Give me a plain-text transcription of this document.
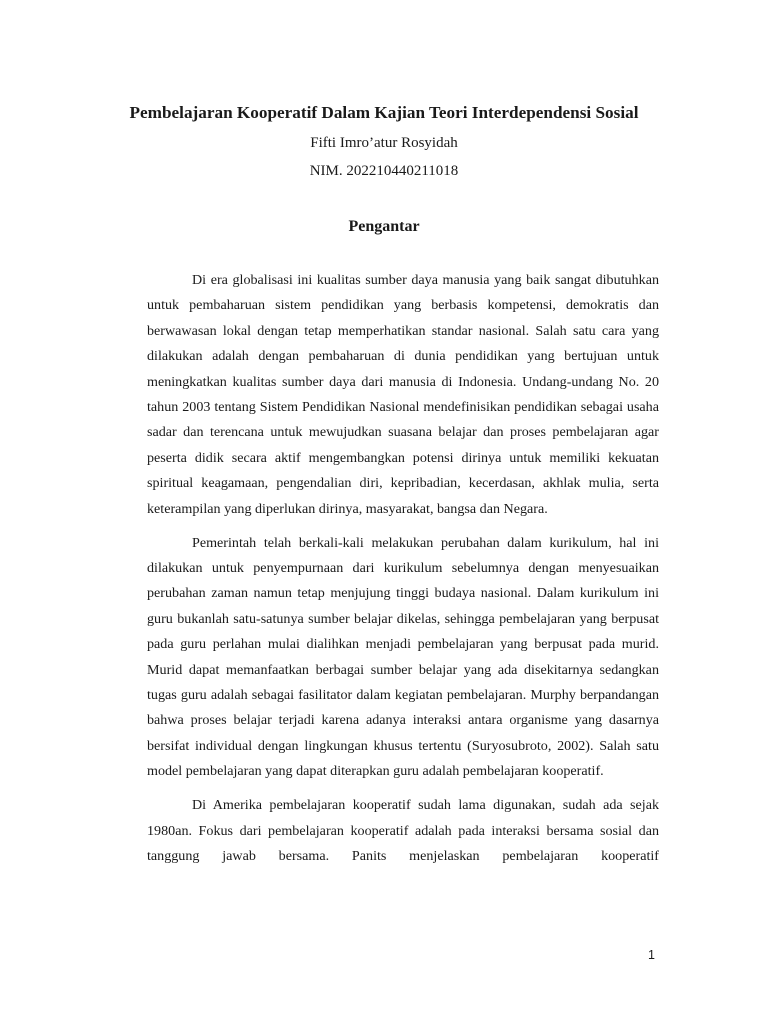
Pembelajaran Kooperatif Dalam Kajian Teori Interdependensi Sosial
Fifti Imro’atur Rosyidah
NIM. 202210440211018
Pengantar

Di era globalisasi ini kualitas sumber daya manusia yang baik sangat dibutuhkan untuk pembaharuan sistem pendidikan yang berbasis kompetensi, demokratis dan berwawasan lokal dengan tetap memperhatikan standar nasional. Salah satu cara yang dilakukan adalah dengan pembaharuan di dunia pendidikan yang bertujuan untuk meningkatkan kualitas sumber daya dari manusia di Indonesia. Undang-undang No. 20 tahun 2003 tentang Sistem Pendidikan Nasional mendefinisikan pendidikan sebagai usaha sadar dan terencana untuk mewujudkan suasana belajar dan proses pembelajaran agar peserta didik secara aktif mengembangkan potensi dirinya untuk memiliki kekuatan spiritual keagamaan, pengendalian diri, kepribadian, kecerdasan, akhlak mulia, serta keterampilan yang diperlukan dirinya, masyarakat, bangsa dan Negara.

Pemerintah telah berkali-kali melakukan perubahan dalam kurikulum, hal ini dilakukan untuk penyempurnaan dari kurikulum sebelumnya dengan menyesuaikan perubahan zaman namun tetap menjujung tinggi budaya nasional. Dalam kurikulum ini guru bukanlah satu-satunya sumber belajar dikelas, sehingga pembelajaran yang berpusat pada guru perlahan mulai dialihkan menjadi pembelajaran yang berpusat pada murid. Murid dapat memanfaatkan berbagai sumber belajar yang ada disekitarnya sedangkan tugas guru adalah sebagai fasilitator dalam kegiatan pembelajaran. Murphy berpandangan bahwa proses belajar terjadi karena adanya interaksi antara organisme yang dasarnya bersifat individual dengan lingkungan khusus tertentu (Suryosubroto, 2002). Salah satu model pembelajaran yang dapat diterapkan guru adalah pembelajaran kooperatif.

Di Amerika pembelajaran kooperatif sudah lama digunakan, sudah ada sejak 1980an. Fokus dari pembelajaran kooperatif adalah pada interaksi bersama sosial dan tanggung jawab bersama. Panits menjelaskan pembelajaran kooperatif

1
